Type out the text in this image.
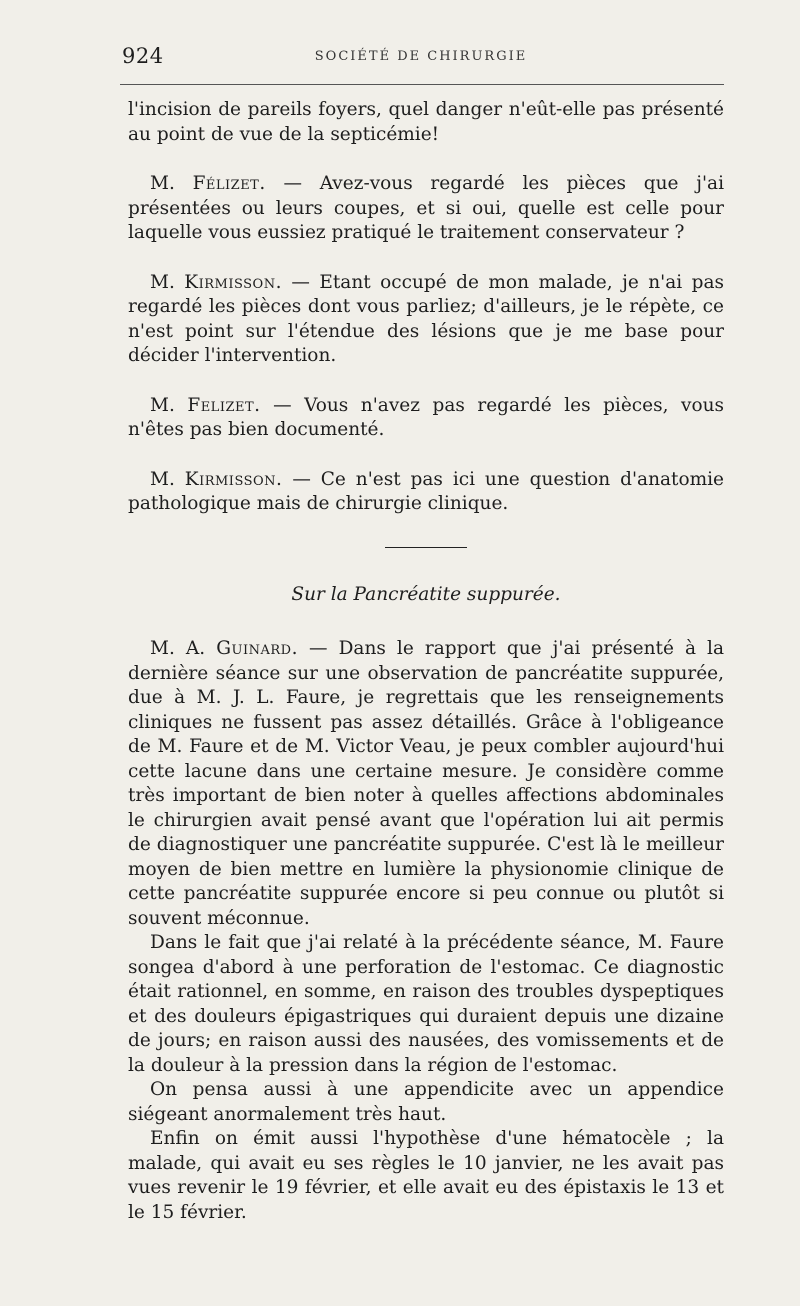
924	SOCIÉTÉ DE CHIRURGIE

l'incision de pareils foyers, quel danger n'eût-elle pas présenté au point de vue de la septicémie!

M. Félizet. — Avez-vous regardé les pièces que j'ai présentées ou leurs coupes, et si oui, quelle est celle pour laquelle vous eussiez pratiqué le traitement conservateur ?

M. Kirmisson. — Etant occupé de mon malade, je n'ai pas regardé les pièces dont vous parliez; d'ailleurs, je le répète, ce n'est point sur l'étendue des lésions que je me base pour décider l'intervention.

M. Felizet. — Vous n'avez pas regardé les pièces, vous n'êtes pas bien documenté.

M. Kirmisson. — Ce n'est pas ici une question d'anatomie pathologique mais de chirurgie clinique.

Sur la Pancréatite suppurée.

M. A. Guinard. — Dans le rapport que j'ai présenté à la dernière séance sur une observation de pancréatite suppurée, due à M. J. L. Faure, je regrettais que les renseignements cliniques ne fussent pas assez détaillés. Grâce à l'obligeance de M. Faure et de M. Victor Veau, je peux combler aujourd'hui cette lacune dans une certaine mesure. Je considère comme très important de bien noter à quelles affections abdominales le chirurgien avait pensé avant que l'opération lui ait permis de diagnostiquer une pancréatite suppurée. C'est là le meilleur moyen de bien mettre en lumière la physionomie clinique de cette pancréatite suppurée encore si peu connue ou plutôt si souvent méconnue.

Dans le fait que j'ai relaté à la précédente séance, M. Faure songea d'abord à une perforation de l'estomac. Ce diagnostic était rationnel, en somme, en raison des troubles dyspeptiques et des douleurs épigastriques qui duraient depuis une dizaine de jours; en raison aussi des nausées, des vomissements et de la douleur à la pression dans la région de l'estomac.

On pensa aussi à une appendicite avec un appendice siégeant anormalement très haut.

Enfin on émit aussi l'hypothèse d'une hématocèle ; la malade, qui avait eu ses règles le 10 janvier, ne les avait pas vues revenir le 19 février, et elle avait eu des épistaxis le 13 et le 15 février.
